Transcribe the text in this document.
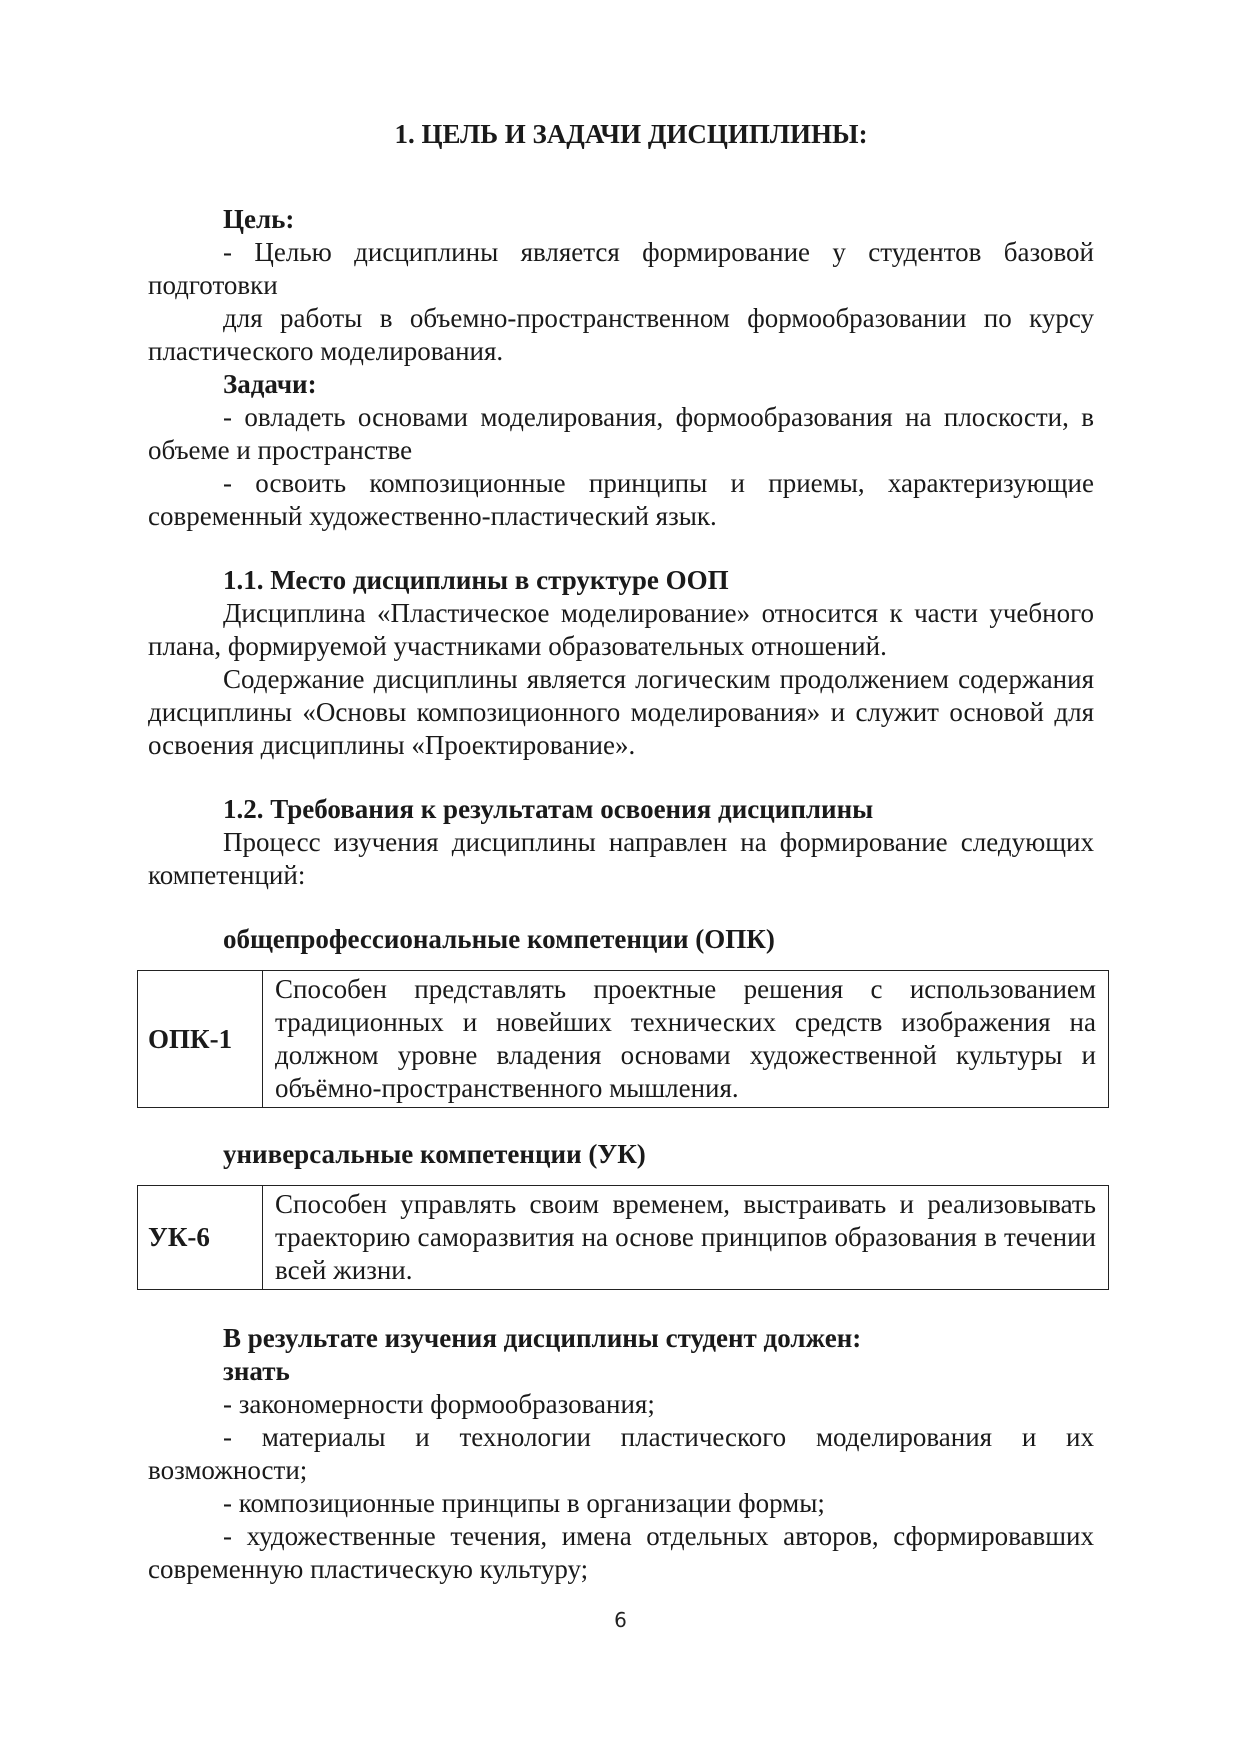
1. ЦЕЛЬ И ЗАДАЧИ ДИСЦИПЛИНЫ:

Цель:

- Целью дисциплины является формирование у студентов базовой подготовки

для работы в объемно-пространственном формообразовании по курсу пластического моделирования.

Задачи:

- овладеть основами моделирования, формообразования на плоскости, в объеме и пространстве

- освоить композиционные принципы и приемы, характеризующие современный художественно-пластический язык.

1.1. Место дисциплины в структуре ООП

Дисциплина «Пластическое моделирование» относится к части учебного плана, формируемой участниками образовательных отношений.

Содержание дисциплины является логическим продолжением содержания дисциплины «Основы композиционного моделирования» и служит основой для освоения дисциплины «Проектирование».

1.2. Требования к результатам освоения дисциплины

Процесс изучения дисциплины направлен на формирование следующих компетенций:

общепрофессиональные компетенции (ОПК)

ОПК-1	Способен представлять проектные решения с использованием традиционных и новейших технических средств изображения на должном уровне владения основами художественной культуры и объёмно-пространственного мышления.

универсальные компетенции (УК)

УК-6	Способен управлять своим временем, выстраивать и реализовывать траекторию саморазвития на основе принципов образования в течении всей жизни.

В результате изучения дисциплины студент должен:

знать

- закономерности формообразования;

- материалы и технологии пластического моделирования и их возможности;

- композиционные принципы в организации формы;

- художественные течения, имена отдельных авторов, сформировавших современную пластическую культуру;

6
